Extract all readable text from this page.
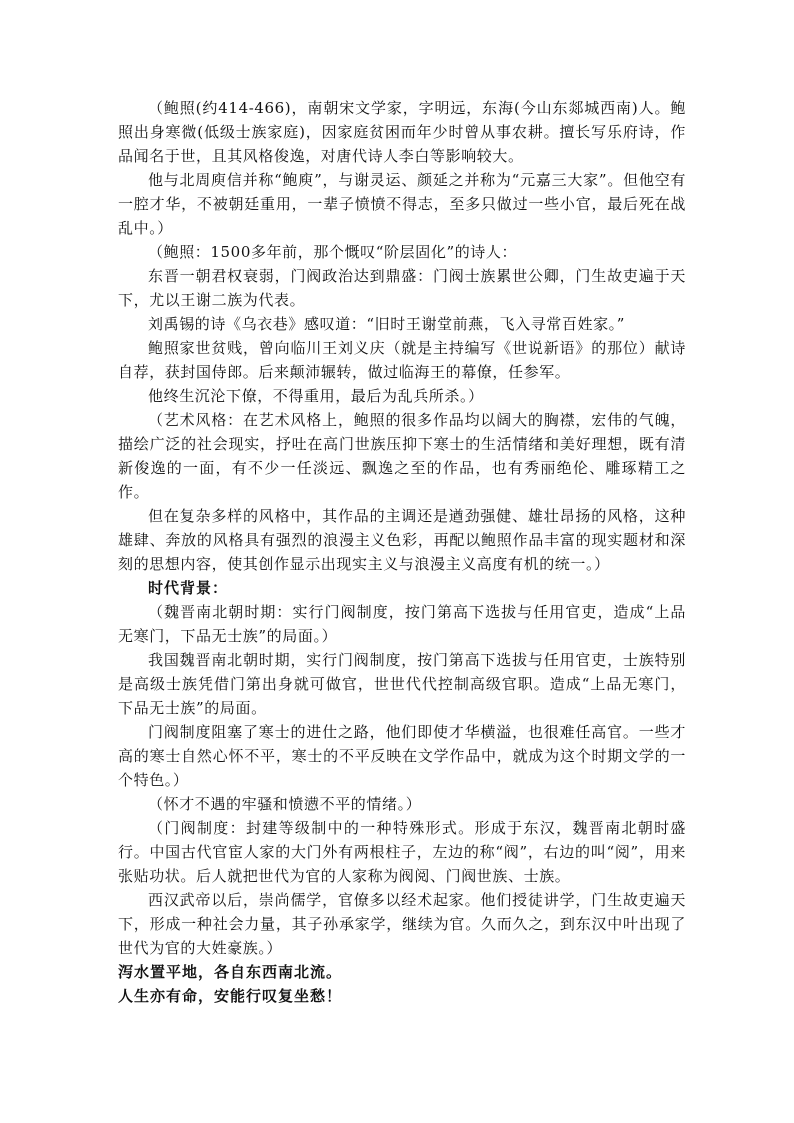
（鲍照(约414-466)，南朝宋文学家，字明远，东海(今山东郯城西南)人。鲍照出身寒微(低级士族家庭)，因家庭贫困而年少时曾从事农耕。擅长写乐府诗，作品闻名于世，且其风格俊逸，对唐代诗人李白等影响较大。

他与北周庾信并称“鲍庾”，与谢灵运、颜延之并称为“元嘉三大家”。但他空有一腔才华，不被朝廷重用，一辈子愤愤不得志，至多只做过一些小官，最后死在战乱中。）

（鲍照：1500多年前，那个慨叹“阶层固化”的诗人：

东晋一朝君权衰弱，门阀政治达到鼎盛：门阀士族累世公卿，门生故吏遍于天下，尤以王谢二族为代表。

刘禹锡的诗《乌衣巷》感叹道：“旧时王谢堂前燕，飞入寻常百姓家。”

鲍照家世贫贱，曾向临川王刘义庆（就是主持编写《世说新语》的那位）献诗自荐，获封国侍郎。后来颠沛辗转，做过临海王的幕僚，任参军。

他终生沉沦下僚，不得重用，最后为乱兵所杀。）

（艺术风格：在艺术风格上，鲍照的很多作品均以阔大的胸襟，宏伟的气魄，描绘广泛的社会现实，抒吐在高门世族压抑下寒士的生活情绪和美好理想，既有清新俊逸的一面，有不少一任淡远、飘逸之至的作品，也有秀丽绝伦、雕琢精工之作。

但在复杂多样的风格中，其作品的主调还是遒劲强健、雄壮昂扬的风格，这种雄肆、奔放的风格具有强烈的浪漫主义色彩，再配以鲍照作品丰富的现实题材和深刻的思想内容，使其创作显示出现实主义与浪漫主义高度有机的统一。）

时代背景：

（魏晋南北朝时期：实行门阀制度，按门第高下选拔与任用官吏，造成“上品无寒门，下品无士族”的局面。）

我国魏晋南北朝时期，实行门阀制度，按门第高下选拔与任用官吏，士族特别是高级士族凭借门第出身就可做官，世世代代控制高级官职。造成“上品无寒门，下品无士族”的局面。

门阀制度阻塞了寒士的进仕之路，他们即使才华横溢，也很难任高官。一些才高的寒士自然心怀不平，寒士的不平反映在文学作品中，就成为这个时期文学的一个特色。）

（怀才不遇的牢骚和愤懑不平的情绪。）

（门阀制度：封建等级制中的一种特殊形式。形成于东汉，魏晋南北朝时盛行。中国古代官宦人家的大门外有两根柱子，左边的称“阀”，右边的叫“阅”，用来张贴功状。后人就把世代为官的人家称为阀阅、门阀世族、士族。

西汉武帝以后，崇尚儒学，官僚多以经术起家。他们授徒讲学，门生故吏遍天下，形成一种社会力量，其子孙承家学，继续为官。久而久之，到东汉中叶出现了世代为官的大姓豪族。）

泻水置平地，各自东西南北流。

人生亦有命，安能行叹复坐愁！
